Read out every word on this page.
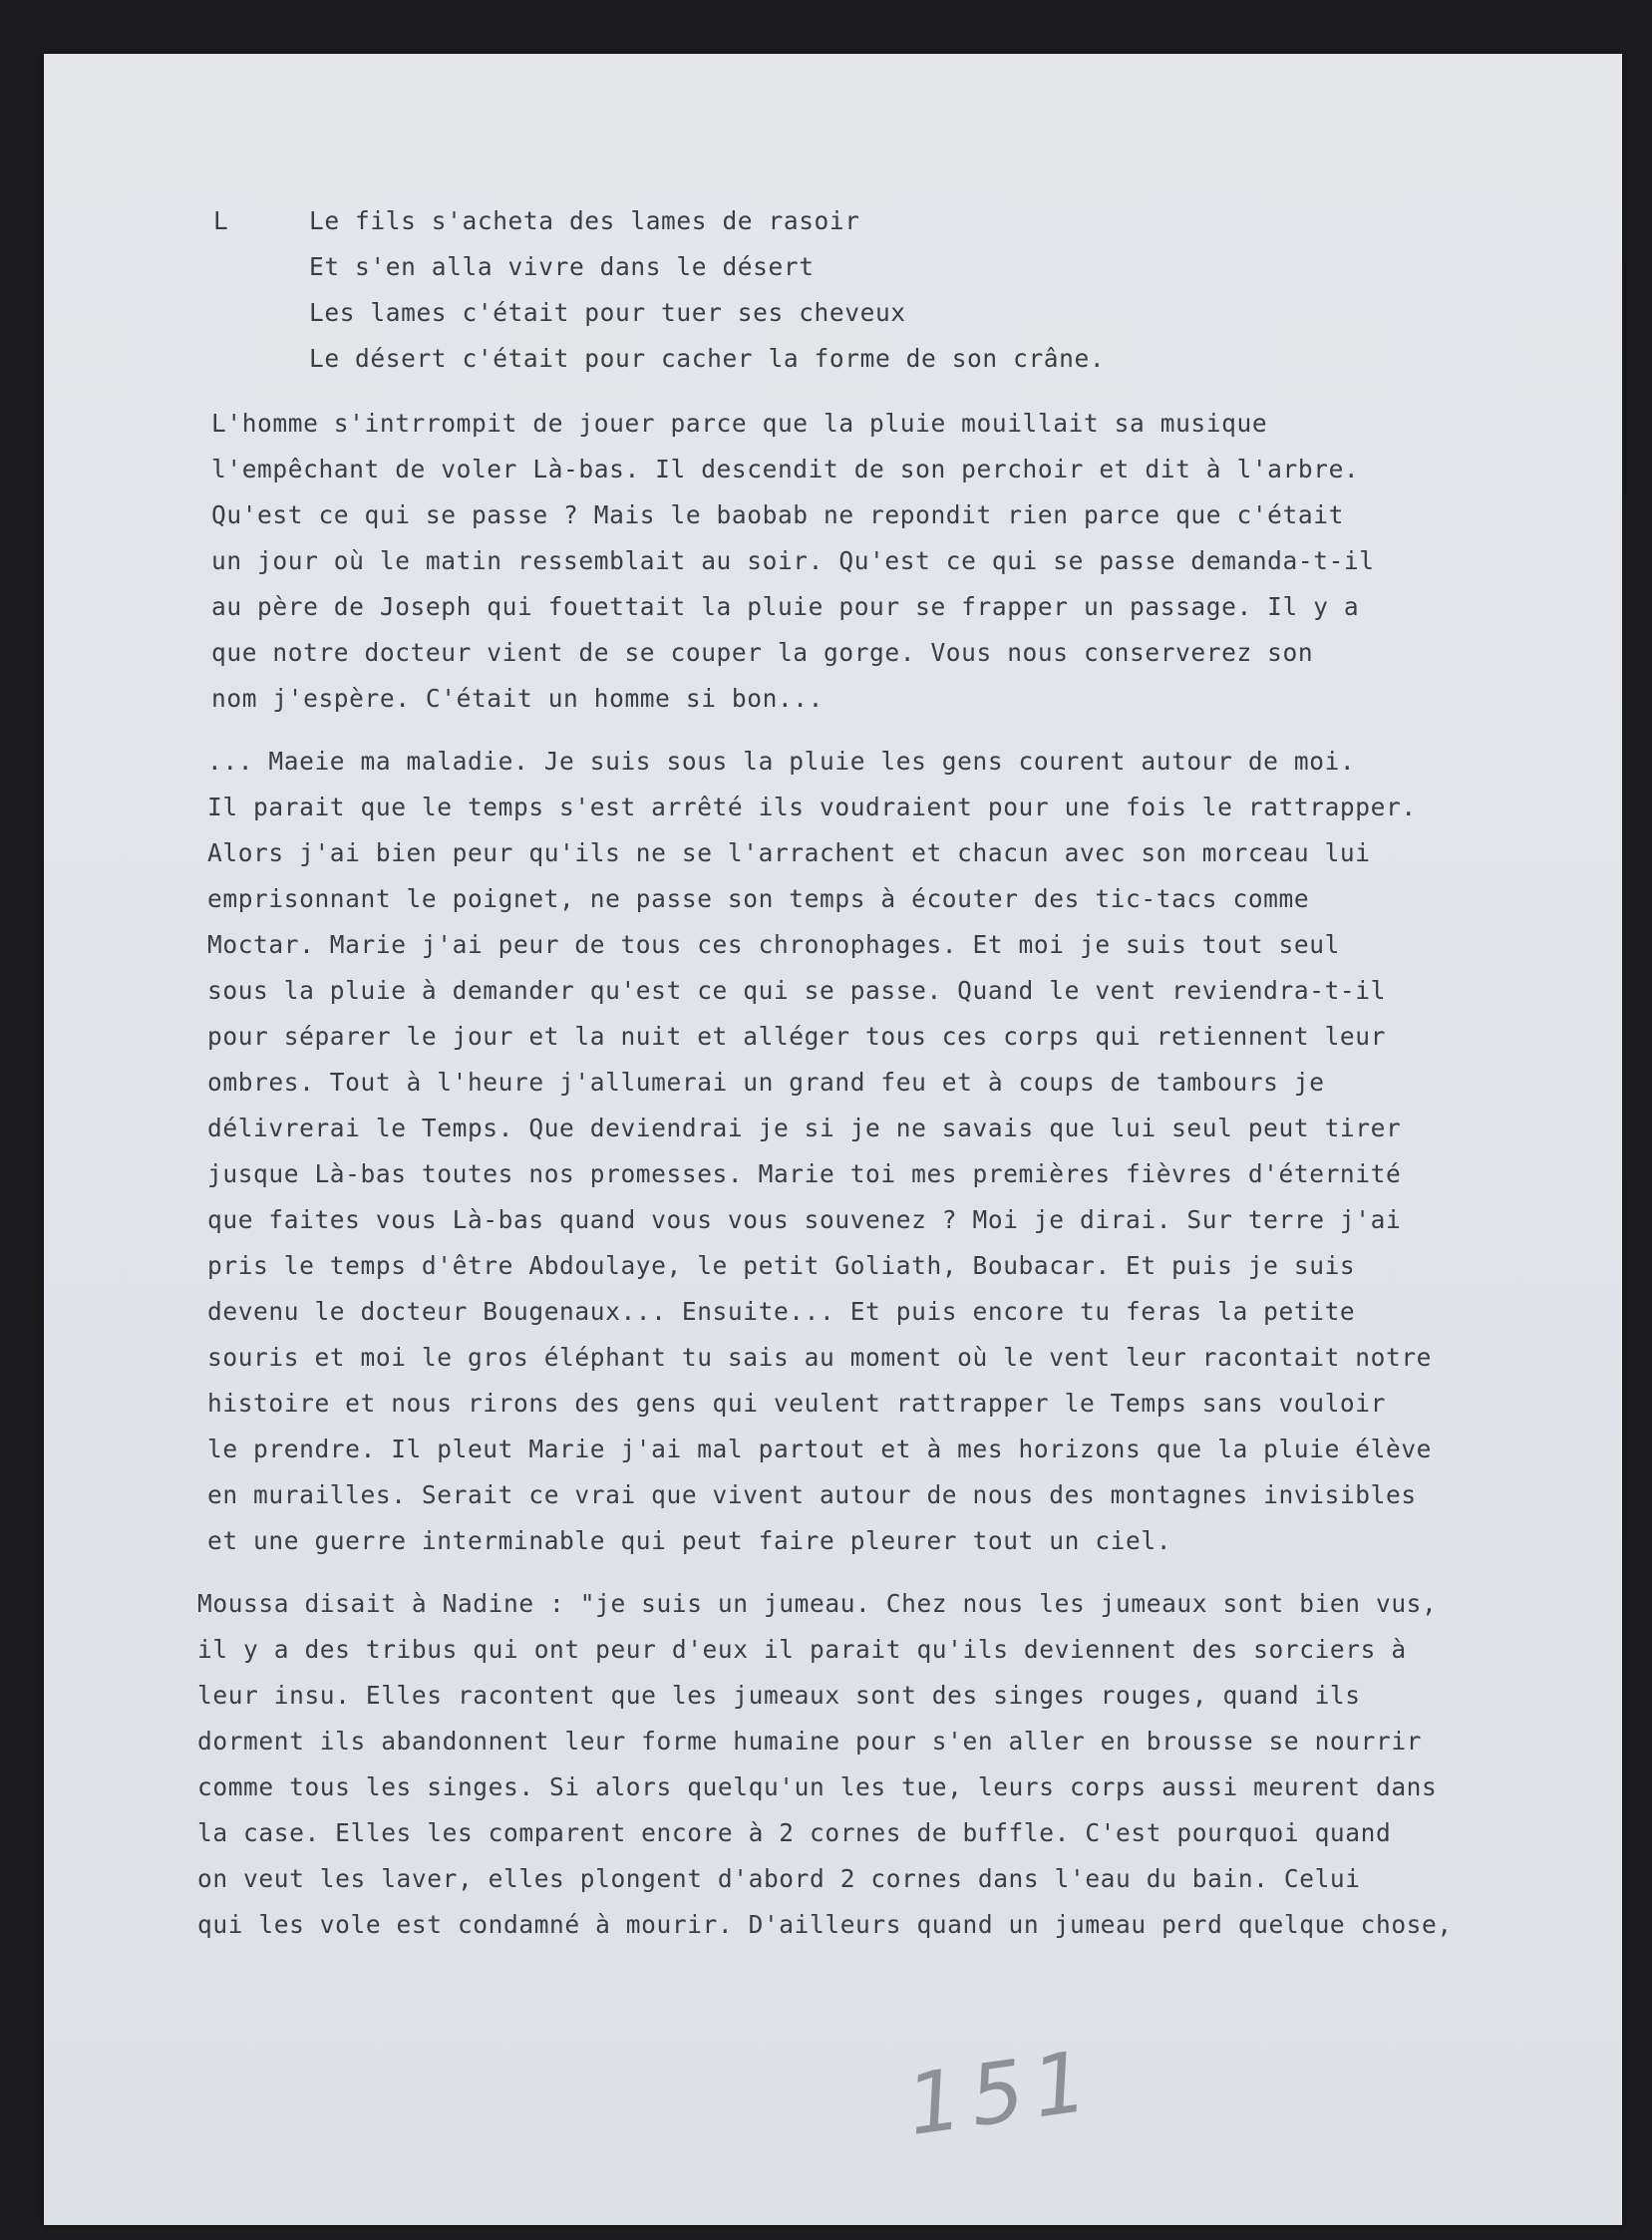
L	Le fils s'acheta des lames de rasoir
Et s'en alla vivre dans le désert
Les lames c'était pour tuer ses cheveux
Le désert c'était pour cacher la forme de son crâne.
L'homme s'intrrompit de jouer parce que la pluie mouillait sa musique
l'empêchant de voler Là-bas. Il descendit de son perchoir et dit à l'arbre.
Qu'est ce qui se passe ? Mais le baobab ne repondit rien parce que c'était
un jour où le matin ressemblait au soir. Qu'est ce qui se passe demanda-t-il
au père de Joseph qui fouettait la pluie pour se frapper un passage. Il y a
que notre docteur vient de se couper la gorge. Vous nous conserverez son
nom j'espère. C'était un homme si bon...
... Maeie ma maladie. Je suis sous la pluie les gens courent autour de moi.
Il parait que le temps s'est arrêté ils voudraient pour une fois le rattrapper.
Alors j'ai bien peur qu'ils ne se l'arrachent et chacun avec son morceau lui
emprisonnant le poignet, ne passe son temps à écouter des tic-tacs comme
Moctar. Marie j'ai peur de tous ces chronophages. Et moi je suis tout seul
sous la pluie à demander qu'est ce qui se passe. Quand le vent reviendra-t-il
pour séparer le jour et la nuit et alléger tous ces corps qui retiennent leur
ombres. Tout à l'heure j'allumerai un grand feu et à coups de tambours je
délivrerai le Temps. Que deviendrai je si je ne savais que lui seul peut tirer
jusque Là-bas toutes nos promesses. Marie toi mes premières fièvres d'éternité
que faites vous Là-bas quand vous vous souvenez ? Moi je dirai. Sur terre j'ai
pris le temps d'être Abdoulaye, le petit Goliath, Boubacar. Et puis je suis
devenu le docteur Bougenaux... Ensuite... Et puis encore tu feras la petite
souris et moi le gros éléphant tu sais au moment où le vent leur racontait notre
histoire et nous rirons des gens qui veulent rattrapper le Temps sans vouloir
le prendre. Il pleut Marie j'ai mal partout et à mes horizons que la pluie élève
en murailles. Serait ce vrai que vivent autour de nous des montagnes invisibles
et une guerre interminable qui peut faire pleurer tout un ciel.
Moussa disait à Nadine : "je suis un jumeau. Chez nous les jumeaux sont bien vus,
il y a des tribus qui ont peur d'eux il parait qu'ils deviennent des sorciers à
leur insu. Elles racontent que les jumeaux sont des singes rouges, quand ils
dorment ils abandonnent leur forme humaine pour s'en aller en brousse se nourrir
comme tous les singes. Si alors quelqu'un les tue, leurs corps aussi meurent dans
la case. Elles les comparent encore à 2 cornes de buffle. C'est pourquoi quand
on veut les laver, elles plongent d'abord 2 cornes dans l'eau du bain. Celui
qui les vole est condamné à mourir. D'ailleurs quand un jumeau perd quelque chose,
151
